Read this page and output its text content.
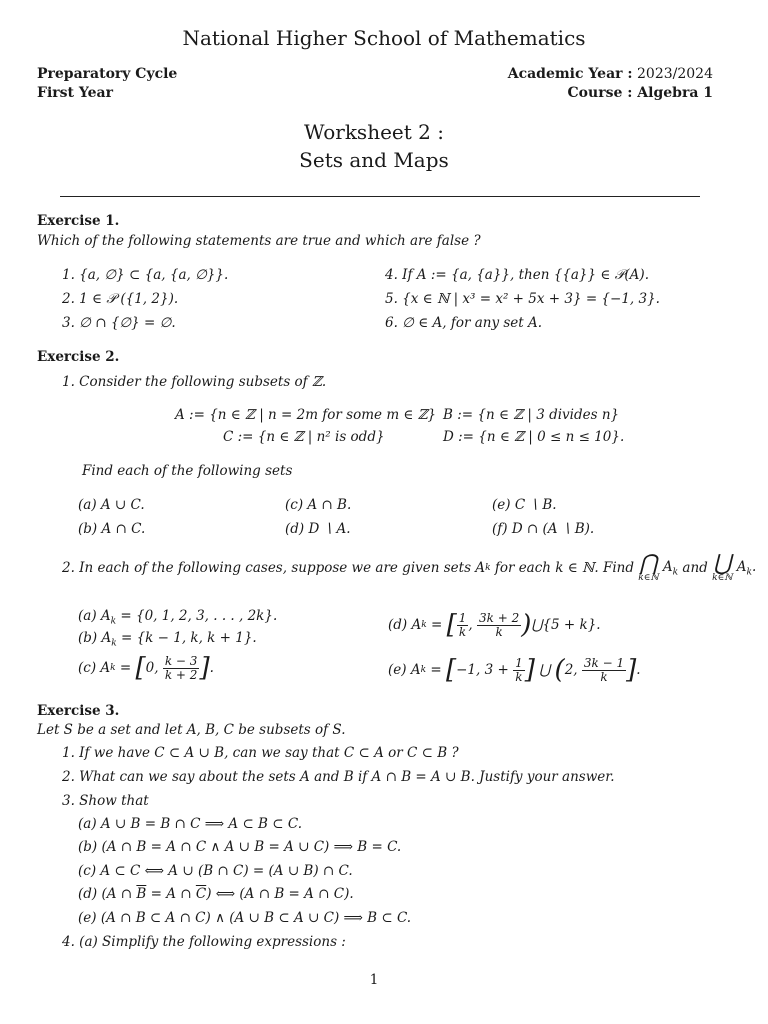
National Higher School of Mathematics
Preparatory Cycle
First Year
Academic Year : 2023/2024
Course : Algebra 1
Worksheet 2 :
Sets and Maps
Exercise 1.
Which of the following statements are true and which are false ?
1. {a, ∅} ⊂ {a, {a, ∅}}.
2. 1 ∈ 𝒫 ({1, 2}).
3. ∅ ∩ {∅} = ∅.
4. If A := {a, {a}}, then {{a}} ∈ 𝒫(A).
5. {x ∈ ℕ | x³ = x² + 5x + 3} = {−1, 3}.
6. ∅ ∈ A, for any set A.
Exercise 2.
1. Consider the following subsets of ℤ.
A := {n ∈ ℤ | n = 2m for some m ∈ ℤ} B := {n ∈ ℤ | 3 divides n}
C := {n ∈ ℤ | n² is odd}	D := {n ∈ ℤ | 0 ≤ n ≤ 10}.
Find each of the following sets
(a) A ∪ C.
(b) A ∩ C.
(c) A ∩ B.
(d) D ∖ A.
(e) C ∖ B.
(f) D ∩ (A ∖ B).
2. In each of the following cases, suppose we are given sets A k for each k ∈ ℕ. Find ⋂
k∈ℕ
$A_k$ and ⋃
k∈ℕ
$A_k$.
(a) $A_k = \{0$, 1, 2, 3, . . . , 2k}.
(b) $A_k = \{k - 1$, k, k + 1}.
(c) A k = [ 0, $\frac{k - 3}{k + 2}$ ] .
(d) A k = [ $\frac{1}{k}$ , $\frac{3k + 2}{k}$ ) ⋃{5 + k}.
(e) A k = [ −1, $3 + \frac{1}{k}$ ] ⋃ ( 2, $\frac{3k - 1}{k}$ ] .
Exercise 3.
Let S be a set and let A, B, C be subsets of S.
1. If we have C ⊂ A ∪ B, can we say that C ⊂ A or C ⊂ B ?
2. What can we say about the sets A and B if A ∩ B = A ∪ B. Justify your answer.
3. Show that
(a) A ∪ B = B ∩ C ⟹ A ⊂ B ⊂ C.
(b) (A ∩ B = A ∩ C ∧ A ∪ B = A ∪ C) ⟹ B = C.
(c) A ⊂ C ⟺ A ∪ (B ∩ C) = (A ∪ B) ∩ C.
(d) (A ∩ $\overline{B} = A$ ∩ $\overline{C}$) ⟺ (A ∩ B = A ∩ C).
(e) (A ∩ B ⊂ A ∩ C) ∧ (A ∪ B ⊂ A ∪ C) ⟹ B ⊂ C.
4. (a) Simplify the following expressions :
1
